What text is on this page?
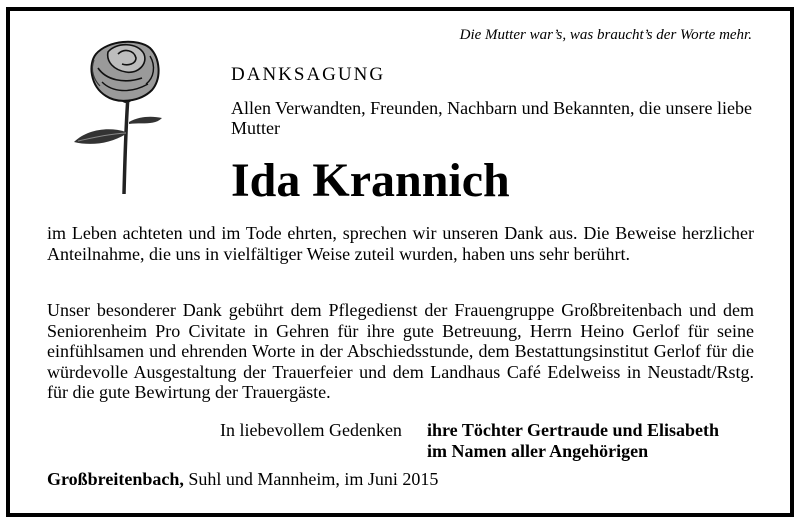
Die Mutter war’s, was braucht’s der Worte mehr.
DANKSAGUNG
Allen Verwandten, Freunden, Nachbarn und Bekannten, die unsere liebe Mutter
Ida Krannich
im Leben achteten und im Tode ehrten, sprechen wir unseren Dank aus. Die Beweise herzlicher Anteilnahme, die uns in vielfältiger Weise zuteil wurden, haben uns sehr berührt.
Unser besonderer Dank gebührt dem Pflegedienst der Frauengruppe Großbreitenbach und dem Seniorenheim Pro Civitate in Gehren für ihre gute Betreuung, Herrn Heino Gerlof für seine einfühlsamen und ehrenden Worte in der Abschiedsstunde, dem Bestattungsinstitut Gerlof für die würdevolle Ausgestaltung der Trauerfeier und dem Landhaus Café Edelweiss in Neustadt/Rstg. für die gute Bewirtung der Trauergäste.
In liebevollem Gedenken ihre Töchter Gertraude und Elisabeth
im Namen aller Angehörigen
Großbreitenbach, Suhl und Mannheim, im Juni 2015
